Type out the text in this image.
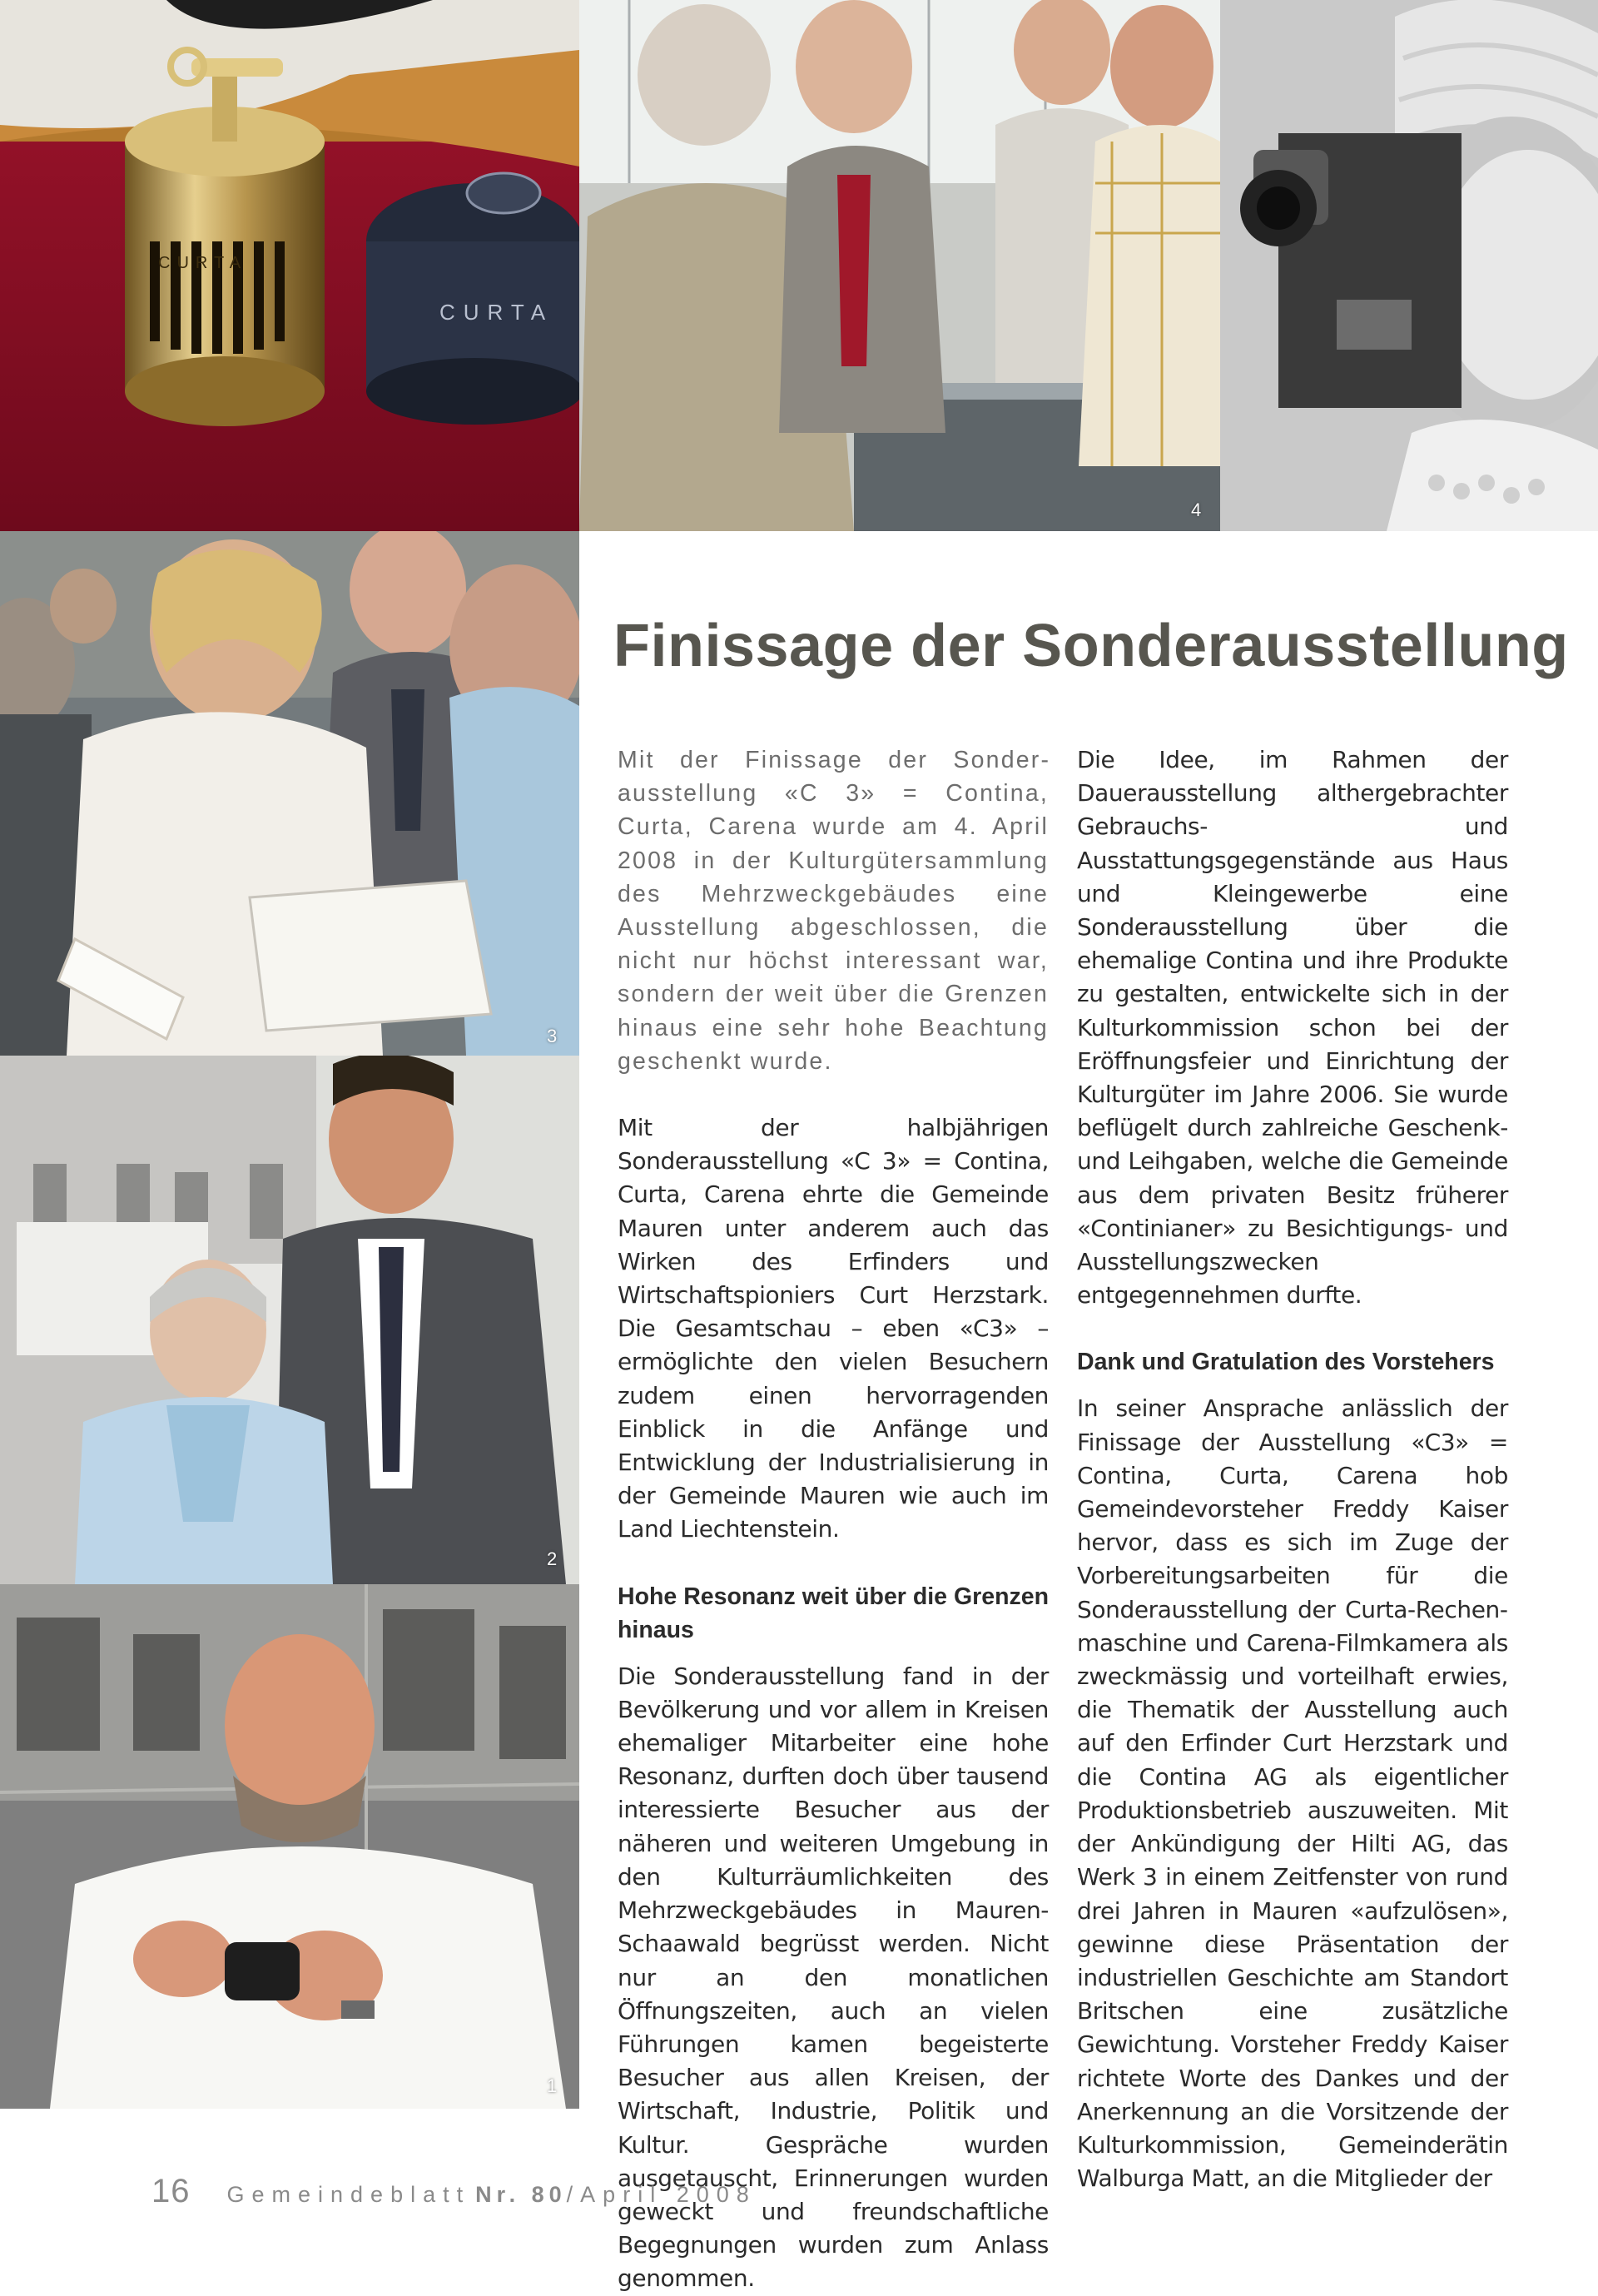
CURTA
CURTA
4
3
2
1
Finissage der Sonderausstellung

Mit der Finissage der Sonderausstellung «C 3» = Contina, Curta, Carena wurde am 4. April 2008 in der Kulturgütersammlung des Mehrzweckgebäudes eine Ausstellung abgeschlossen, die nicht nur höchst interessant war, sondern der weit über die Grenzen hinaus eine sehr hohe Beachtung geschenkt wurde.

Mit der halbjährigen Sonderausstellung «C 3» = Contina, Curta, Carena ehrte die Gemeinde Mauren unter anderem auch das Wirken des Erfinders und Wirtschaftspioniers Curt Herzstark. Die Gesamtschau – eben «C3» – ermöglichte den vielen Besuchern zudem einen hervorragenden Einblick in die Anfänge und Entwicklung der Industrialisierung in der Gemeinde Mauren wie auch im Land Liechtenstein.

Hohe Resonanz weit über die Grenzen hinaus

Die Sonderausstellung fand in der Bevölkerung und vor allem in Kreisen ehemaliger Mitarbeiter eine hohe Resonanz, durften doch über tausend interessierte Besucher aus der näheren und weiteren Umgebung in den Kulturräumlichkeiten des Mehrzweckgebäudes in Mauren-Schaawald begrüsst werden. Nicht nur an den monatlichen Öffnungszeiten, auch an vielen Führungen kamen begeisterte Besucher aus allen Kreisen, der Wirtschaft, Industrie, Politik und Kultur. Gespräche wurden ausgetauscht, Erinnerungen wurden geweckt und freundschaftliche Begegnungen wurden zum Anlass genommen.

Die Idee, im Rahmen der Dauerausstellung althergebrachter Gebrauchs- und Ausstattungsgegenstände aus Haus und Kleingewerbe eine Sonderausstellung über die ehemalige Contina und ihre Produkte zu gestalten, entwickelte sich in der Kulturkommission schon bei der Eröffnungsfeier und Einrichtung der Kulturgüter im Jahre 2006. Sie wurde beflügelt durch zahlreiche Geschenk- und Leihgaben, welche die Gemeinde aus dem privaten Besitz früherer «Continianer» zu Besichtigungs- und Ausstellungszwecken entgegennehmen durfte.

Dank und Gratulation des Vorstehers

In seiner Ansprache anlässlich der Finissage der Ausstellung «C3» = Contina, Curta, Carena hob Gemeindevorsteher Freddy Kaiser hervor, dass es sich im Zuge der Vorbereitungsarbeiten für die Sonderausstellung der Curta-Rechenmaschine und Carena-Filmkamera als zweckmässig und vorteilhaft erwies, die Thematik der Ausstellung auch auf den Erfinder Curt Herzstark und die Contina AG als eigentlicher Produktionsbetrieb auszuweiten. Mit der Ankündigung der Hilti AG, das Werk 3 in einem Zeitfenster von rund drei Jahren in Mauren «aufzulösen», gewinne diese Präsentation der industriellen Geschichte am Standort Britschen eine zusätzliche Gewichtung. Vorsteher Freddy Kaiser richtete Worte des Dankes und der Anerkennung an die Vorsitzende der Kulturkommission, Gemeinderätin Walburga Matt, an die Mitglieder der

16 Gemeindeblatt Nr. 80 /April 2008
